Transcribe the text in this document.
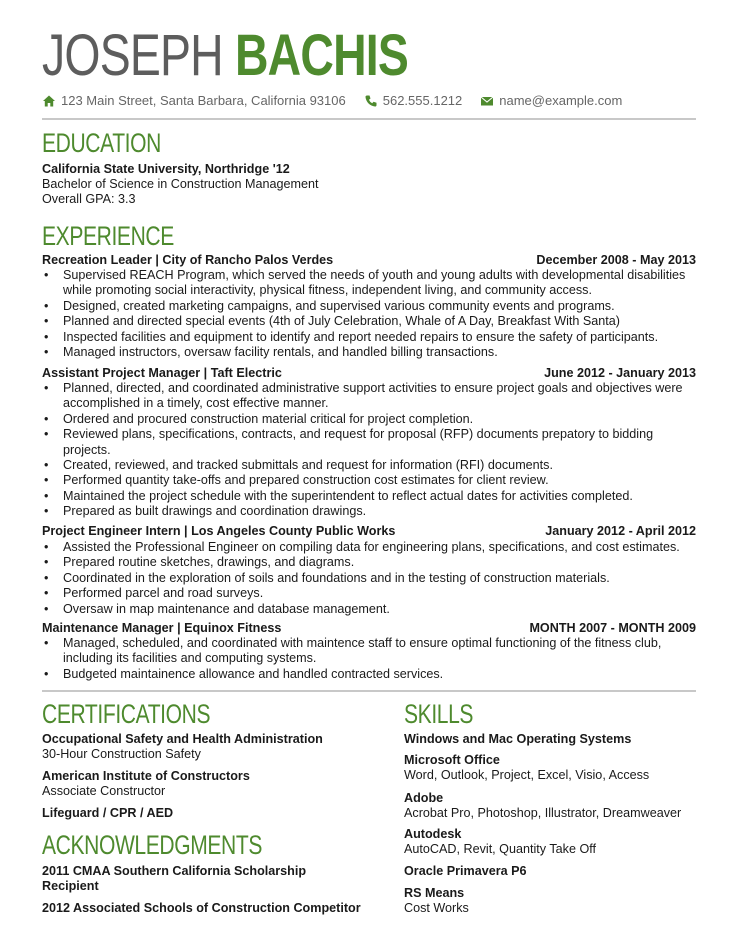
JOSEPH BACHIS
123 Main Street, Santa Barbara, California 93106	562.555.1212	name@example.com
EDUCATION
California State University, Northridge '12
Bachelor of Science in Construction Management
Overall GPA: 3.3
EXPERIENCE
Recreation Leader | City of Rancho Palos Verdes	December 2008 - May 2013
• Supervised REACH Program, which served the needs of youth and young adults with developmental disabilities while promoting social interactivity, physical fitness, independent living, and community access.
• Designed, created marketing campaigns, and supervised various community events and programs.
• Planned and directed special events (4th of July Celebration, Whale of A Day, Breakfast With Santa)
• Inspected facilities and equipment to identify and report needed repairs to ensure the safety of participants.
• Managed instructors, oversaw facility rentals, and handled billing transactions.
Assistant Project Manager | Taft Electric	June 2012 - January 2013
• Planned, directed, and coordinated administrative support activities to ensure project goals and objectives were accomplished in a timely, cost effective manner.
• Ordered and procured construction material critical for project completion.
• Reviewed plans, specifications, contracts, and request for proposal (RFP) documents prepatory to bidding projects.
• Created, reviewed, and tracked submittals and request for information (RFI) documents.
• Performed quantity take-offs and prepared construction cost estimates for client review.
• Maintained the project schedule with the superintendent to reflect actual dates for activities completed.
• Prepared as built drawings and coordination drawings.
Project Engineer Intern | Los Angeles County Public Works	January 2012 - April 2012
• Assisted the Professional Engineer on compiling data for engineering plans, specifications, and cost estimates.
• Prepared routine sketches, drawings, and diagrams.
• Coordinated in the exploration of soils and foundations and in the testing of construction materials.
• Performed parcel and road surveys.
• Oversaw in map maintenance and database management.
Maintenance Manager | Equinox Fitness	MONTH 2007 - MONTH 2009
• Managed, scheduled, and coordinated with maintence staff to ensure optimal functioning of the fitness club, including its facilities and computing systems.
• Budgeted maintainence allowance and handled contracted services.
CERTIFICATIONS
Occupational Safety and Health Administration
30-Hour Construction Safety
American Institute of Constructors
Associate Constructor
Lifeguard / CPR / AED
ACKNOWLEDGMENTS
2011 CMAA Southern California Scholarship Recipient
2012 Associated Schools of Construction Competitor
SKILLS
Windows and Mac Operating Systems
Microsoft Office
Word, Outlook, Project, Excel, Visio, Access
Adobe
Acrobat Pro, Photoshop, Illustrator, Dreamweaver
Autodesk
AutoCAD, Revit, Quantity Take Off
Oracle Primavera P6
RS Means
Cost Works
